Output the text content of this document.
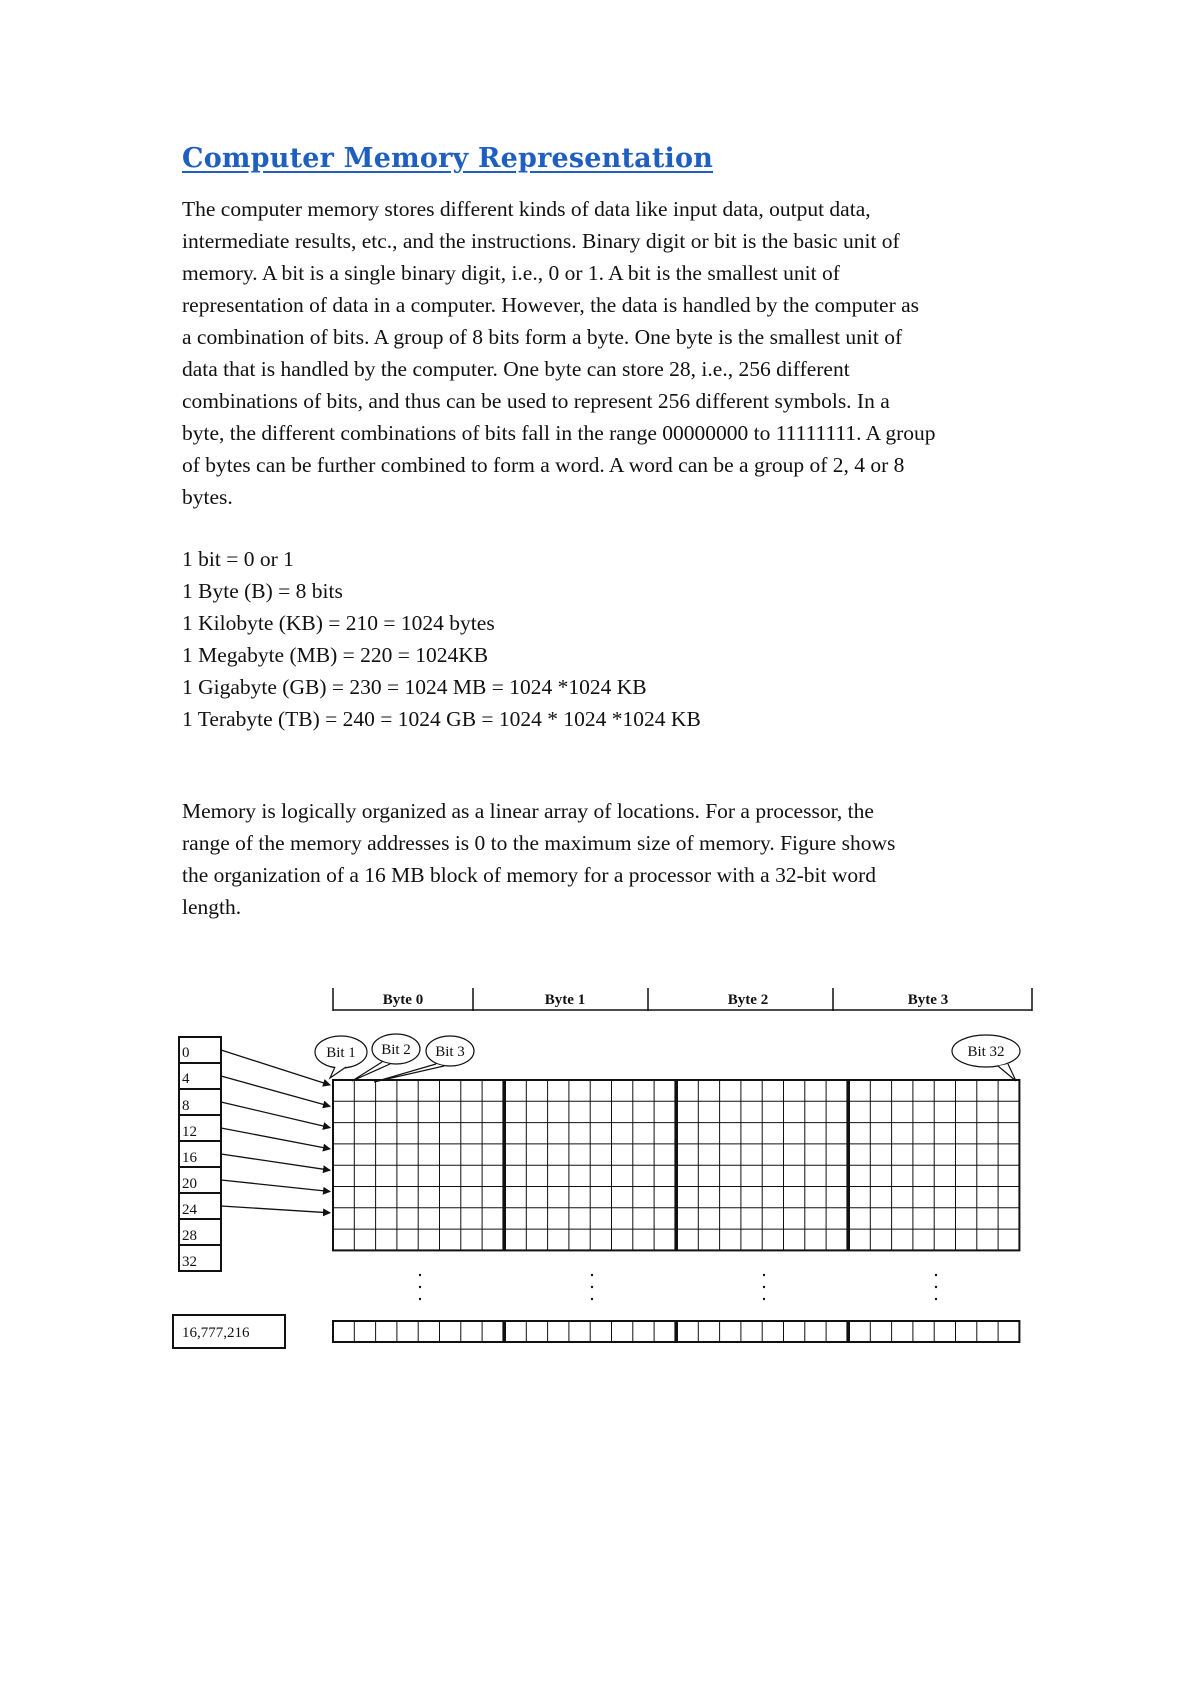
Computer Memory Representation
The computer memory stores different kinds of data like input data, output data,
intermediate results, etc., and the instructions. Binary digit or bit is the basic unit of
memory. A bit is a single binary digit, i.e., 0 or 1. A bit is the smallest unit of
representation of data in a computer. However, the data is handled by the computer as
a combination of bits. A group of 8 bits form a byte. One byte is the smallest unit of
data that is handled by the computer. One byte can store 28, i.e., 256 different
combinations of bits, and thus can be used to represent 256 different symbols. In a
byte, the different combinations of bits fall in the range 00000000 to 11111111. A group
of bytes can be further combined to form a word. A word can be a group of 2, 4 or 8
bytes.
1 bit = 0 or 1
1 Byte (B) = 8 bits
1 Kilobyte (KB) = 210 = 1024 bytes
1 Megabyte (MB) = 220 = 1024KB
1 Gigabyte (GB) = 230 = 1024 MB = 1024 *1024 KB
1 Terabyte (TB) = 240 = 1024 GB = 1024 * 1024 *1024 KB
Memory is logically organized as a linear array of locations. For a processor, the
range of the memory addresses is 0 to the maximum size of memory. Figure shows
the organization of a 16 MB block of memory for a processor with a 32-bit word
length.
Byte 0	Byte 1	Byte 2	Byte 3
Bit 1 Bit 2 Bit 3	Bit 32
0
4
8
12
16
20
24
28
32
16,777,216
